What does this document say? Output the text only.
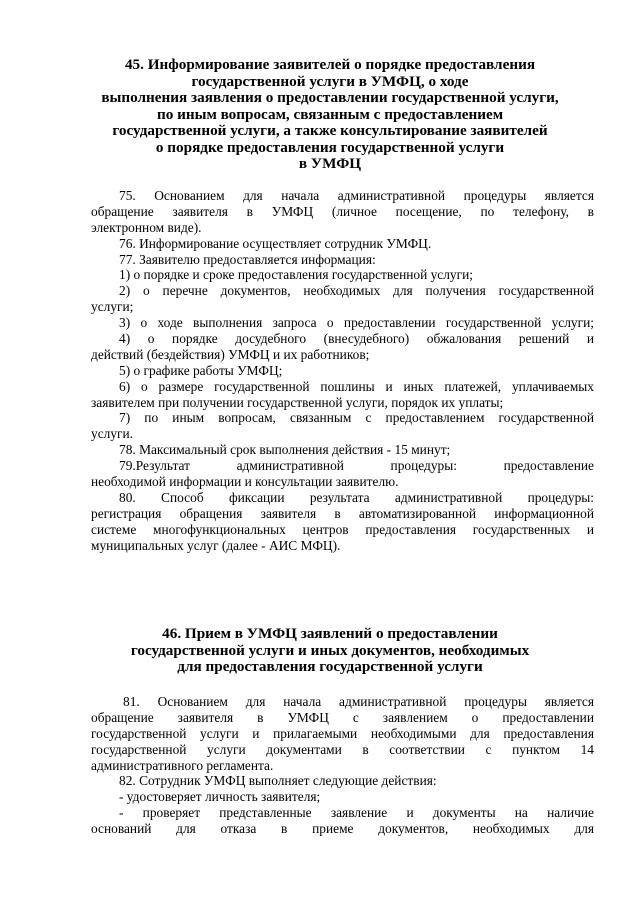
45. Информирование заявителей о порядке предоставления
государственной услуги в УМФЦ, о ходе
выполнения заявления о предоставлении государственной услуги,
по иным вопросам, связанным с предоставлением
государственной услуги, а также консультирование заявителей
о порядке предоставления государственной услуги
в УМФЦ
75. Основанием для начала административной процедуры является
обращение заявителя в УМФЦ (личное посещение, по телефону, в
электронном виде).
76. Информирование осуществляет сотрудник УМФЦ.
77. Заявителю предоставляется информация:
1) о порядке и сроке предоставления государственной услуги;
2) о перечне документов, необходимых для получения государственной
услуги;
3) о ходе выполнения запроса о предоставлении государственной услуги;
4) о порядке досудебного (внесудебного) обжалования решений и
действий (бездействия) УМФЦ и их работников;
5) о графике работы УМФЦ;
6) о размере государственной пошлины и иных платежей, уплачиваемых
заявителем при получении государственной услуги, порядок их уплаты;
7) по иным вопросам, связанным с предоставлением государственной
услуги.
78. Максимальный срок выполнения действия - 15 минут;
79.Результат административной процедуры: предоставление
необходимой информации и консультации заявителю.
80. Способ фиксации результата административной процедуры:
регистрация обращения заявителя в автоматизированной информационной
системе многофункциональных центров предоставления государственных и
муниципальных услуг (далее - АИС МФЦ).
46. Прием в УМФЦ заявлений о предоставлении
государственной услуги и иных документов, необходимых
для предоставления государственной услуги
81. Основанием для начала административной процедуры является
обращение заявителя в УМФЦ с заявлением о предоставлении
государственной услуги и прилагаемыми необходимыми для предоставления
государственной услуги документами в соответствии с пунктом 14
административного регламента.
82. Сотрудник УМФЦ выполняет следующие действия:
- удостоверяет личность заявителя;
- проверяет представленные заявление и документы на наличие
оснований для отказа в приеме документов, необходимых для
